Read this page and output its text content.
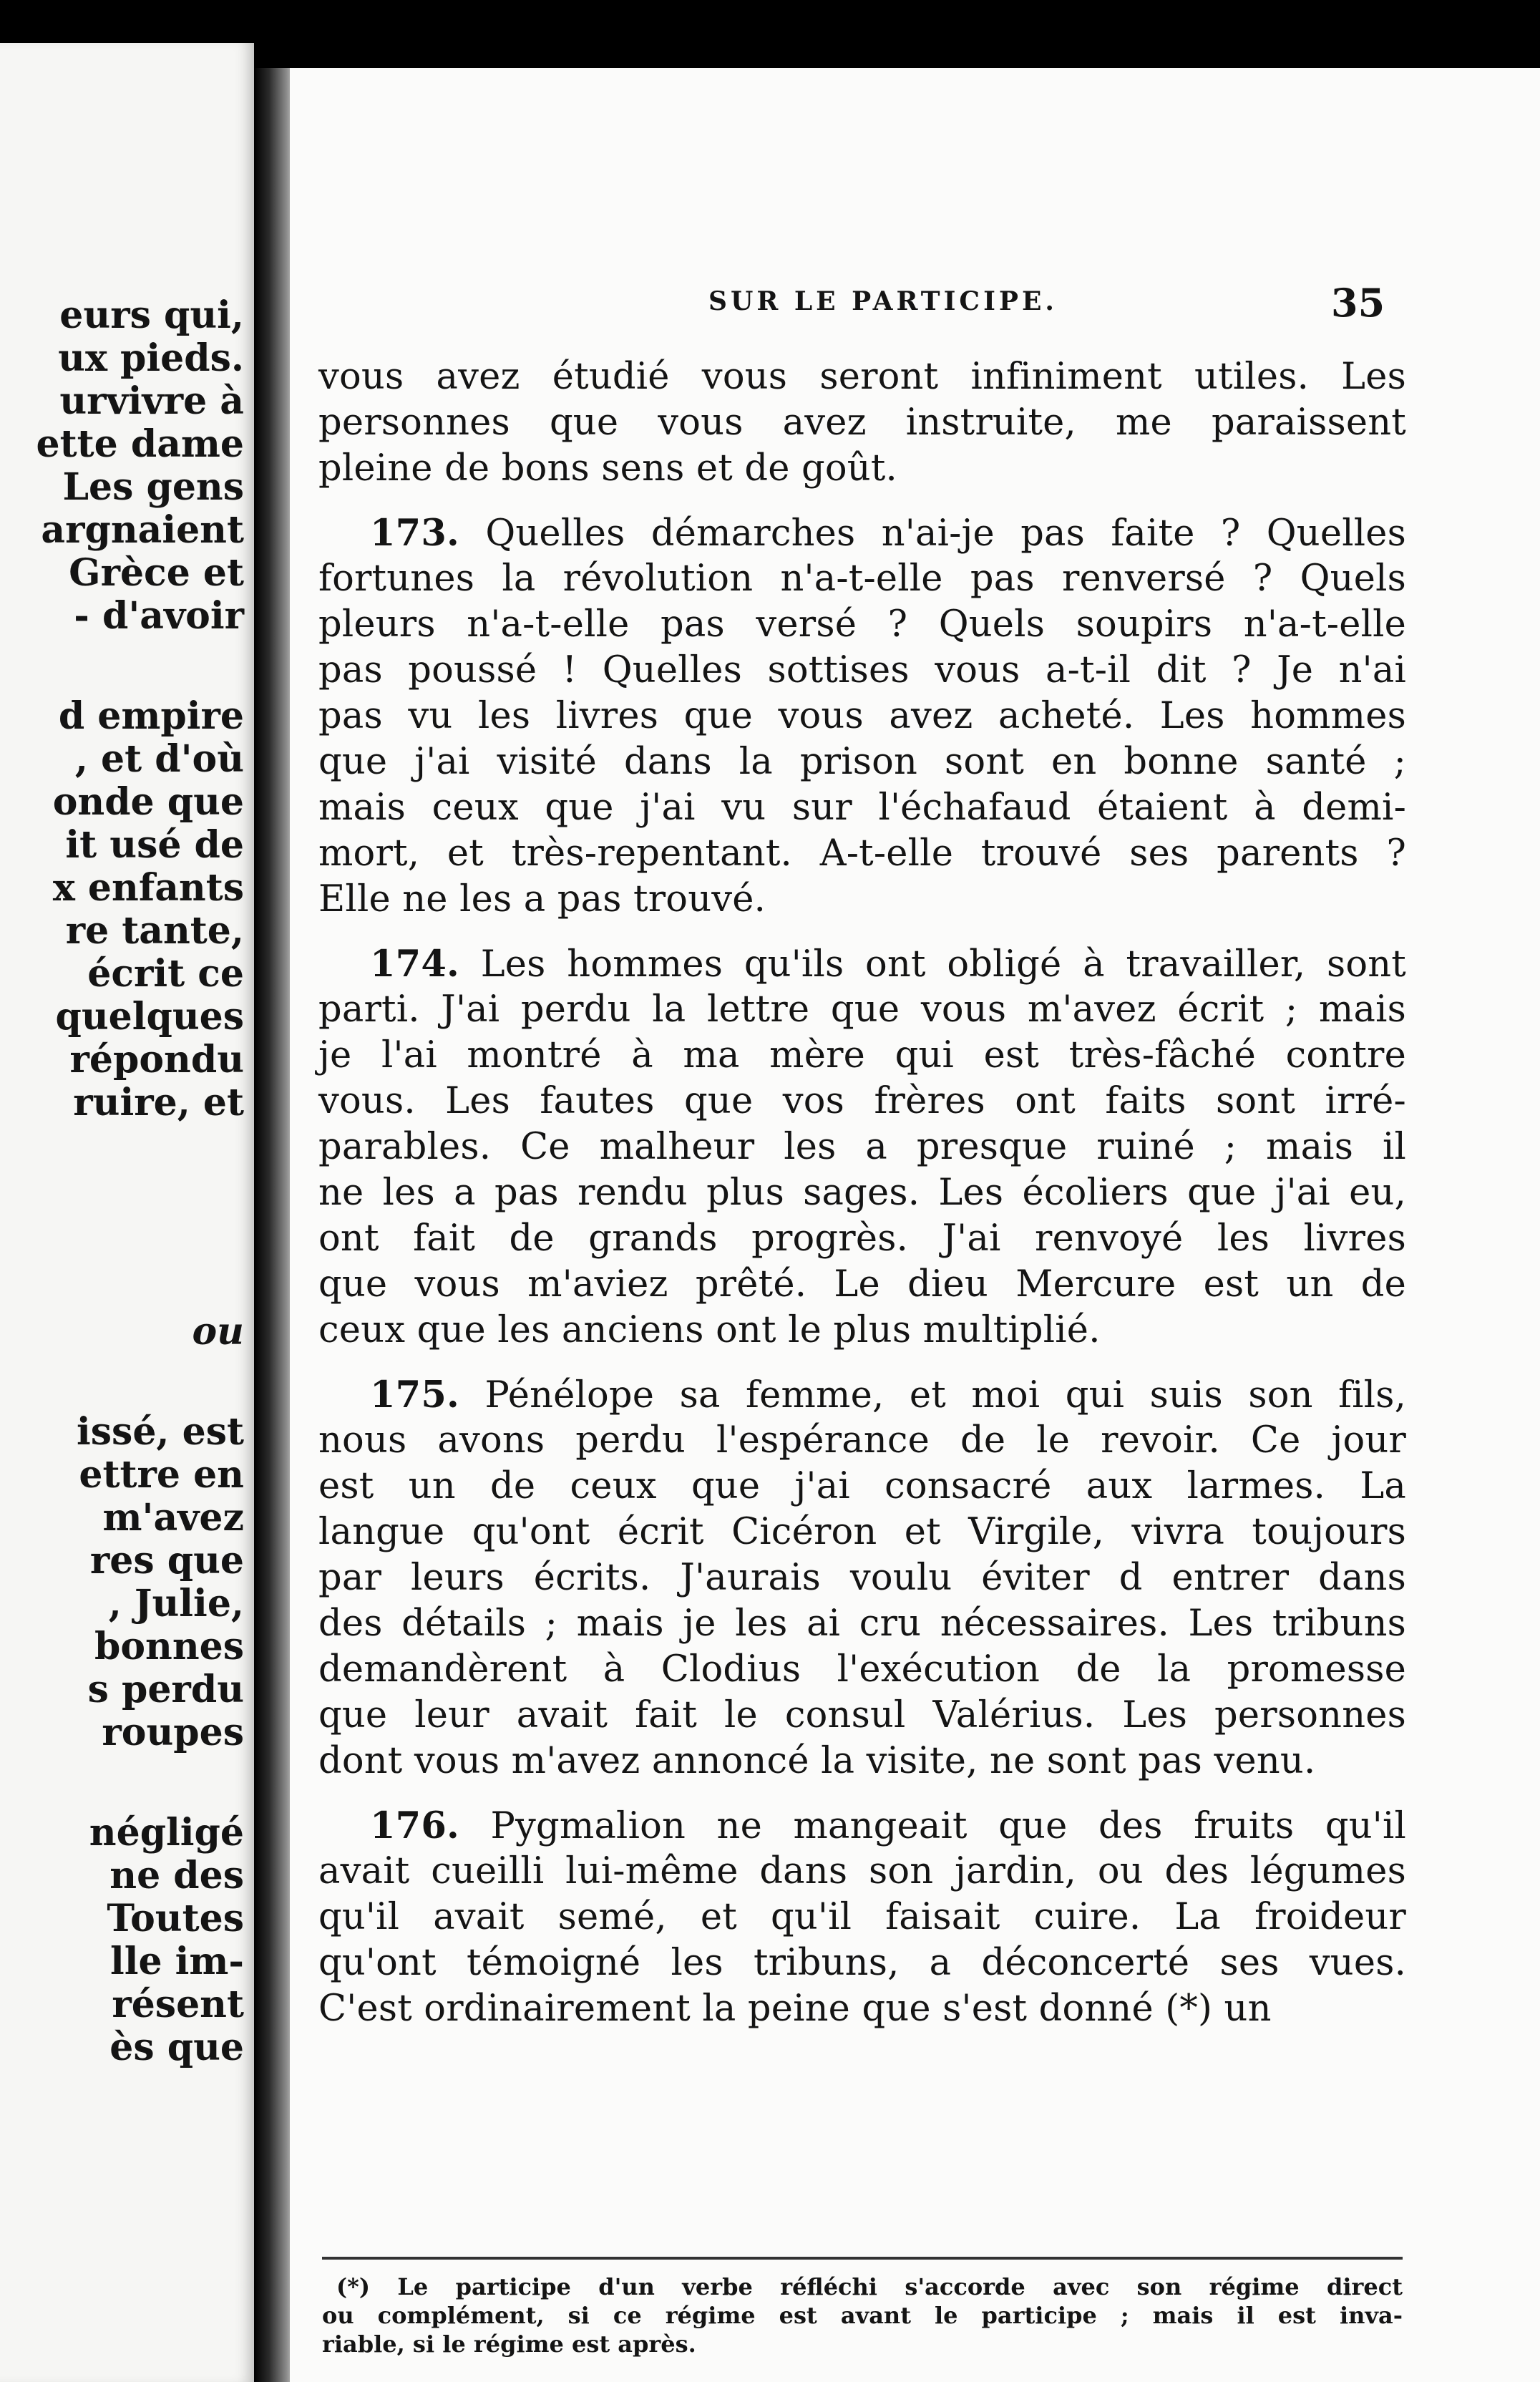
eurs qui,
ux pieds.
urvivre à
ette dame
Les gens
argnaient
Grèce et
- d'avoir
d empire
, et d'où
onde que
it usé de
x enfants
re tante,
écrit ce
quelques
répondu
ruire, et
ou
issé, est
ettre en
m'avez
res que
, Julie,
bonnes
s perdu
roupes
négligé
ne des
Toutes
lle im-
résent
ès que
SUR LE PARTICIPE.	35
vous avez étudié vous seront infiniment utiles. Les
personnes que vous avez instruite, me paraissent
pleine de bons sens et de goût.
173. Quelles démarches n'ai-je pas faite ? Quelles
fortunes la révolution n'a-t-elle pas renversé ? Quels
pleurs n'a-t-elle pas versé ? Quels soupirs n'a-t-elle
pas poussé ! Quelles sottises vous a-t-il dit ? Je n'ai
pas vu les livres que vous avez acheté. Les hommes
que j'ai visité dans la prison sont en bonne santé ;
mais ceux que j'ai vu sur l'échafaud étaient à demi-
mort, et très-repentant. A-t-elle trouvé ses parents ?
Elle ne les a pas trouvé.
174. Les hommes qu'ils ont obligé à travailler, sont
parti. J'ai perdu la lettre que vous m'avez écrit ; mais
je l'ai montré à ma mère qui est très-fâché contre
vous. Les fautes que vos frères ont faits sont irré-
parables. Ce malheur les a presque ruiné ; mais il
ne les a pas rendu plus sages. Les écoliers que j'ai eu,
ont fait de grands progrès. J'ai renvoyé les livres
que vous m'aviez prêté. Le dieu Mercure est un de
ceux que les anciens ont le plus multiplié.
175. Pénélope sa femme, et moi qui suis son fils,
nous avons perdu l'espérance de le revoir. Ce jour
est un de ceux que j'ai consacré aux larmes. La
langue qu'ont écrit Cicéron et Virgile, vivra toujours
par leurs écrits. J'aurais voulu éviter d entrer dans
des détails ; mais je les ai cru nécessaires. Les tribuns
demandèrent à Clodius l'exécution de la promesse
que leur avait fait le consul Valérius. Les personnes
dont vous m'avez annoncé la visite, ne sont pas venu.
176. Pygmalion ne mangeait que des fruits qu'il
avait cueilli lui-même dans son jardin, ou des légumes
qu'il avait semé, et qu'il faisait cuire. La froideur
qu'ont témoigné les tribuns, a déconcerté ses vues.
C'est ordinairement la peine que s'est donné (*) un
(*) Le participe d'un verbe réfléchi s'accorde avec son régime direct
ou complément, si ce régime est avant le participe ; mais il est inva-
riable, si le régime est après.
